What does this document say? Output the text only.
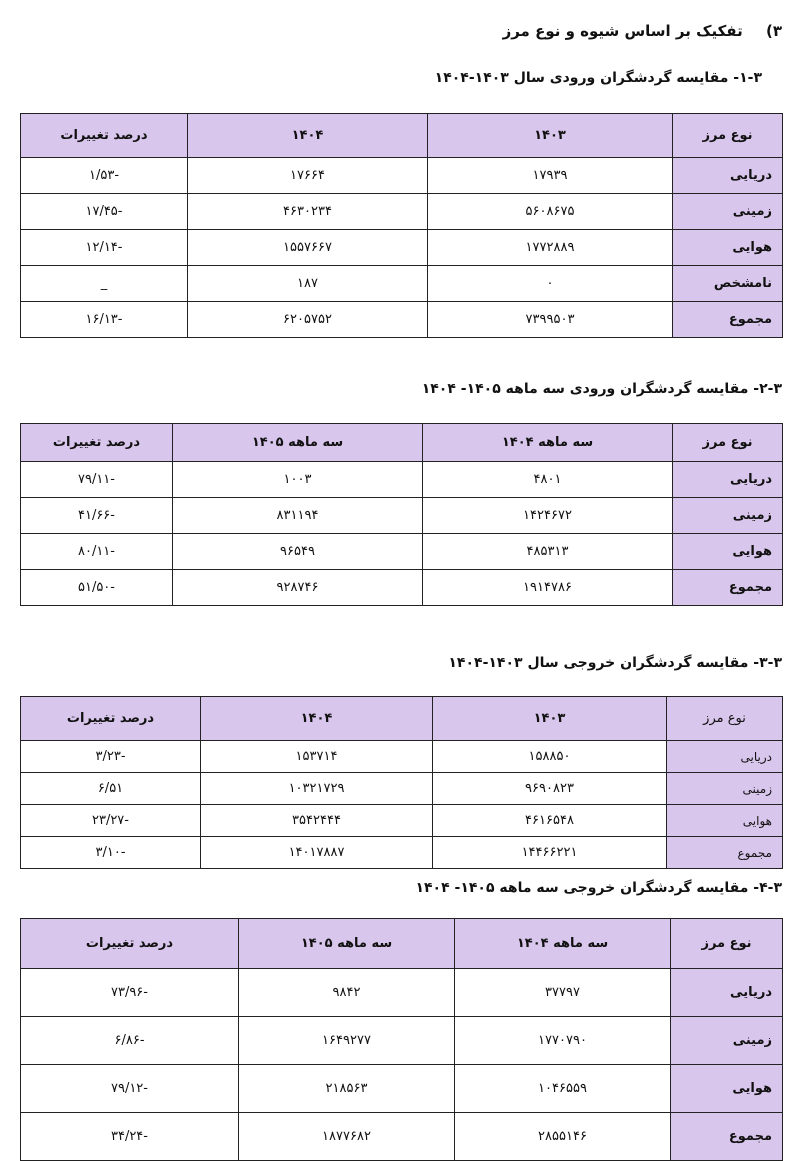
۳) تفکیک بر اساس شیوه و نوع مرز
۱-۳- مقایسه گردشگران ورودی سال ۱۴۰۳-۱۴۰۴
نوع مرز	۱۴۰۳	۱۴۰۴	درصد تغییرات
دریایی	۱۷۹۳۹	۱۷۶۶۴	-۱/۵۳
زمینی	۵۶۰۸۶۷۵	۴۶۳۰۲۳۴	-۱۷/۴۵
هوایی	۱۷۷۲۸۸۹	۱۵۵۷۶۶۷	-۱۲/۱۴
نامشخص	۰	۱۸۷	_
مجموع	۷۳۹۹۵۰۳	۶۲۰۵۷۵۲	-۱۶/۱۳
۲-۳- مقایسه گردشگران ورودی سه ماهه ۱۴۰۵- ۱۴۰۴
نوع مرز	سه ماهه ۱۴۰۴	سه ماهه ۱۴۰۵	درصد تغییرات
دریایی	۴۸۰۱	۱۰۰۳	-۷۹/۱۱
زمینی	۱۴۲۴۶۷۲	۸۳۱۱۹۴	-۴۱/۶۶
هوایی	۴۸۵۳۱۳	۹۶۵۴۹	-۸۰/۱۱
مجموع	۱۹۱۴۷۸۶	۹۲۸۷۴۶	-۵۱/۵۰
۳-۳- مقایسه گردشگران خروجی سال ۱۴۰۳-۱۴۰۴
نوع مرز	۱۴۰۳	۱۴۰۴	درصد تغییرات
دریایی	۱۵۸۸۵۰	۱۵۳۷۱۴	-۳/۲۳
زمینی	۹۶۹۰۸۲۳	۱۰۳۲۱۷۲۹	۶/۵۱
هوایی	۴۶۱۶۵۴۸	۳۵۴۲۴۴۴	-۲۳/۲۷
مجموع	۱۴۴۶۶۲۲۱	۱۴۰۱۷۸۸۷	-۳/۱۰
۴-۳- مقایسه گردشگران خروجی سه ماهه ۱۴۰۵- ۱۴۰۴
نوع مرز	سه ماهه ۱۴۰۴	سه ماهه ۱۴۰۵	درصد تغییرات
دریایی	۳۷۷۹۷	۹۸۴۲	-۷۳/۹۶
زمینی	۱۷۷۰۷۹۰	۱۶۴۹۲۷۷	-۶/۸۶
هوایی	۱۰۴۶۵۵۹	۲۱۸۵۶۳	-۷۹/۱۲
مجموع	۲۸۵۵۱۴۶	۱۸۷۷۶۸۲	-۳۴/۲۴
